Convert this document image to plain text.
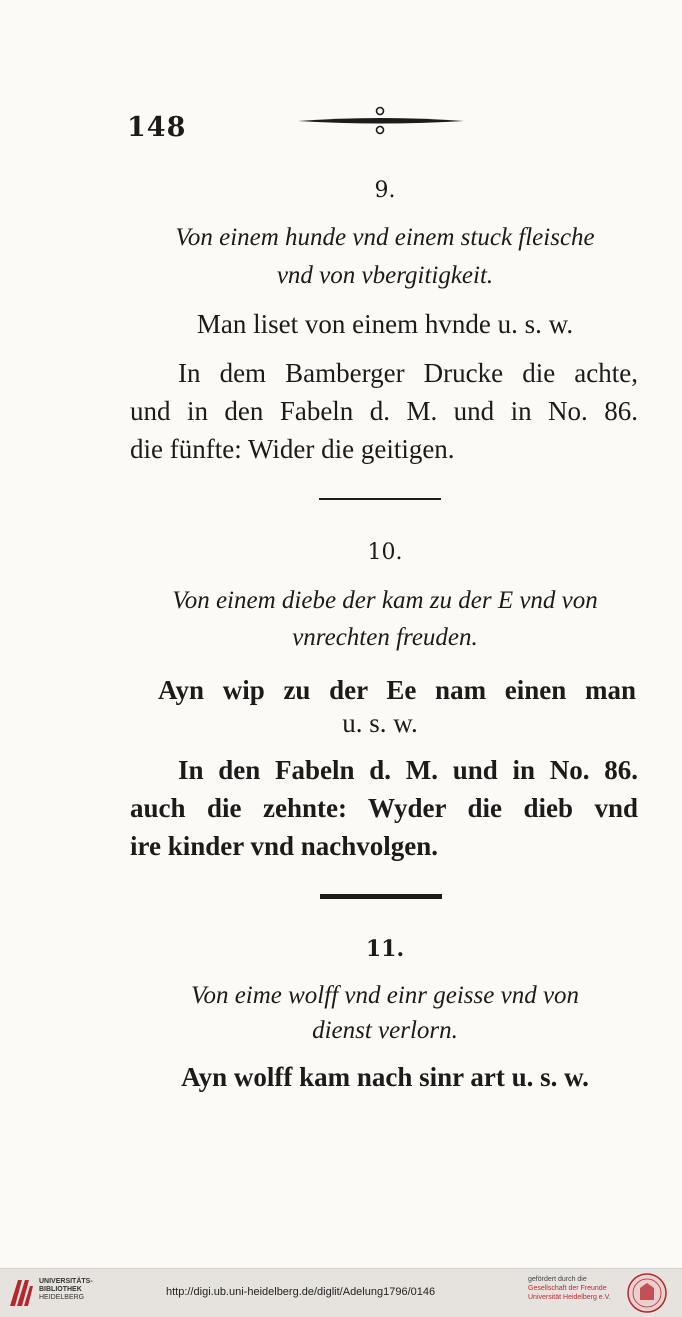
148
9.
Von einem hunde vnd einem stuck fleische
vnd von vbergitigkeit.
Man liset von einem hvnde u. s. w.
In dem Bamberger Drucke die achte,
und in den Fabeln d. M. und in No. 86.
die fünfte: Wider die geitigen.
10.
Von einem diebe der kam zu der E vnd von
vnrechten freuden.
Ayn wip zu der Ee nam einen man
u. s. w.
In den Fabeln d. M. und in No. 86.
auch die zehnte: Wyder die dieb vnd
ire kinder vnd nachvolgen.
11.
Von eime wolff vnd einr geisse vnd von
dienst verlorn.
Ayn wolff kam nach sinr art u. s. w.
UNIVERSITÄTS-
BIBLIOTHEK
HEIDELBERG	http://digi.ub.uni-heidelberg.de/diglit/Adelung1796/0146
gefördert durch die
Gesellschaft der Freunde
Universität Heidelberg e.V.
